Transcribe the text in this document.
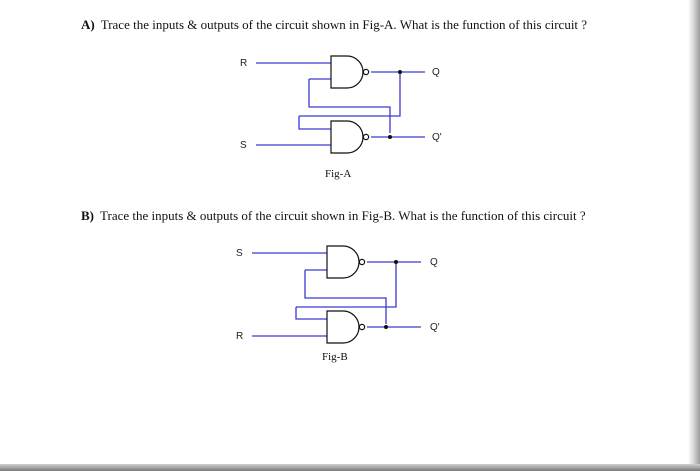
A) Trace the inputs & outputs of the circuit shown in Fig-A. What is the function of this circuit ?
R
S
Q
Q'
S
R
Q
Q'
Fig-A
B) Trace the inputs & outputs of the circuit shown in Fig-B. What is the function of this circuit ?
Fig-B
